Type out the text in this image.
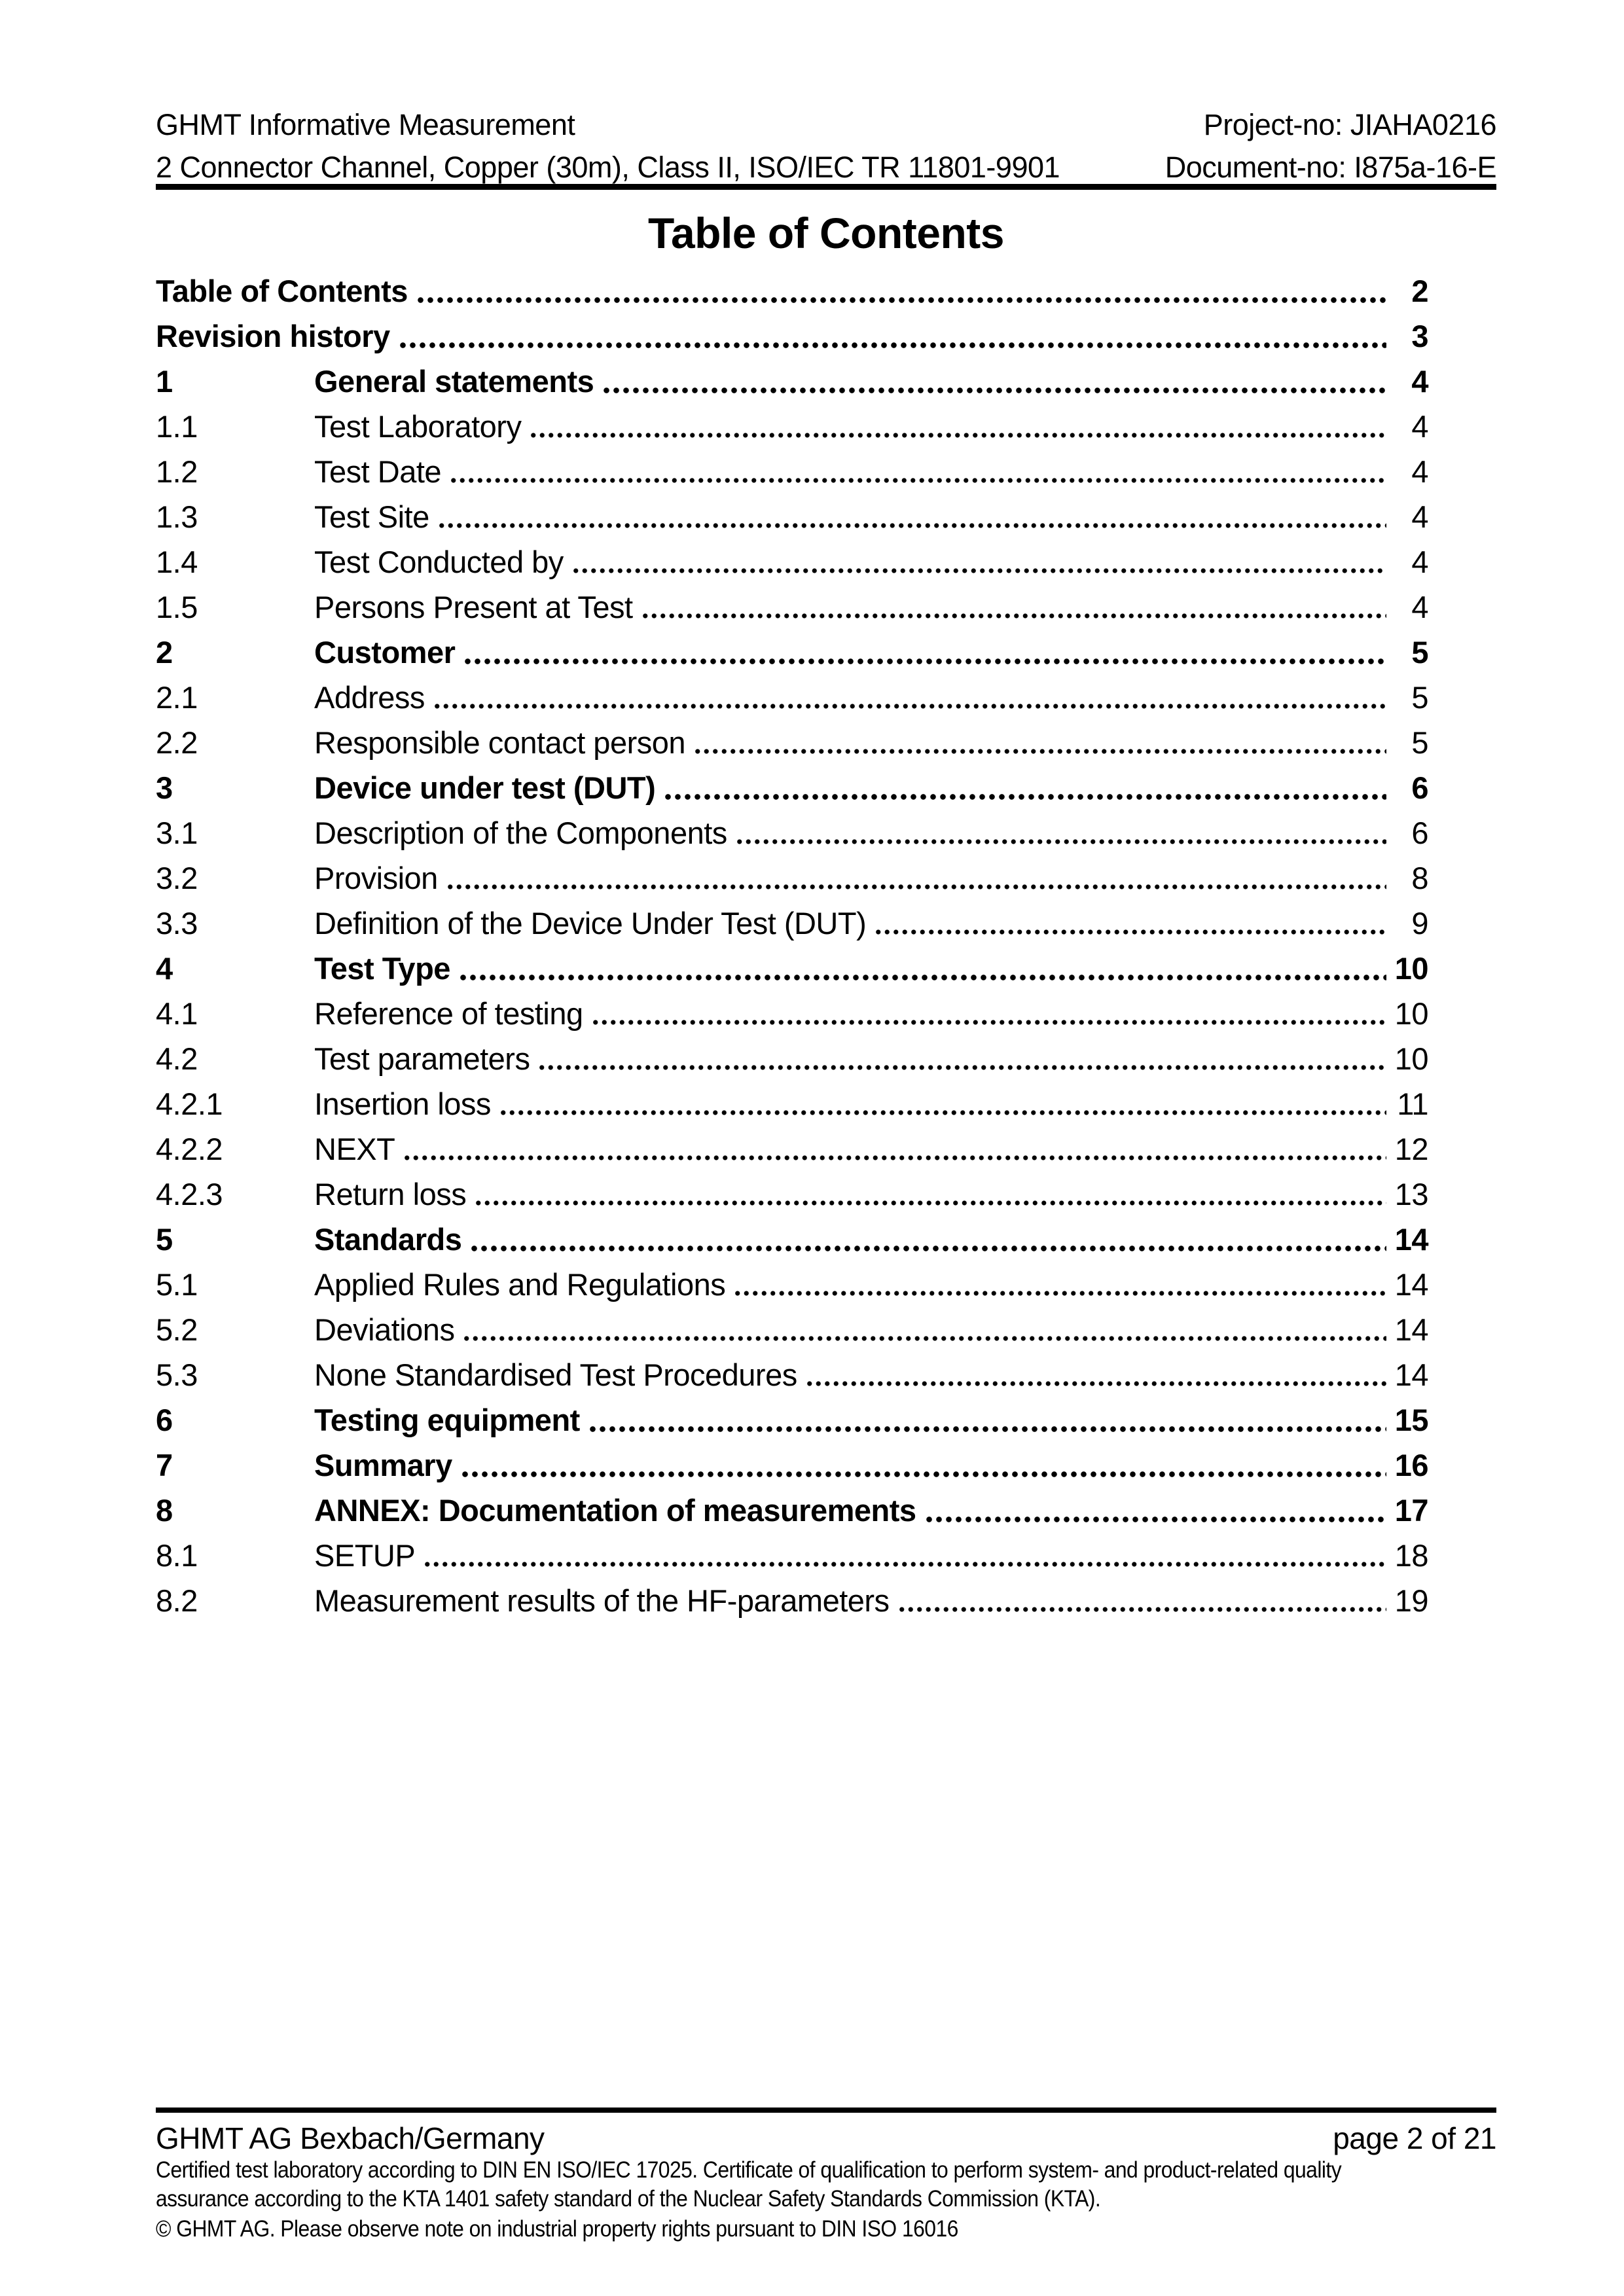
GHMT Informative Measurement
2 Connector Channel, Copper (30m), Class II, ISO/IEC TR 11801-9901
Project-no: JIAHA0216
Document-no: I875a-16-E
Table of Contents
Table of Contents	2
Revision history	3
1	General statements	4
1.1	Test Laboratory	4
1.2	Test Date	4
1.3	Test Site	4
1.4	Test Conducted by	4
1.5	Persons Present at Test	4
2	Customer	5
2.1	Address	5
2.2	Responsible contact person	5
3	Device under test (DUT)	6
3.1	Description of the Components	6
3.2	Provision	8
3.3	Definition of the Device Under Test (DUT)	9
4	Test Type	10
4.1	Reference of testing	10
4.2	Test parameters	10
4.2.1	Insertion loss	11
4.2.2	NEXT	12
4.2.3	Return loss	13
5	Standards	14
5.1	Applied Rules and Regulations	14
5.2	Deviations	14
5.3	None Standardised Test Procedures	14
6	Testing equipment	15
7	Summary	16
8	ANNEX: Documentation of measurements	17
8.1	SETUP	18
8.2	Measurement results of the HF-parameters	19
GHMT AG Bexbach/Germany	page 2 of 21
Certified test laboratory according to DIN EN ISO/IEC 17025. Certificate of qualification to perform system- and product-related quality
assurance according to the KTA 1401 safety standard of the Nuclear Safety Standards Commission (KTA).
© GHMT AG. Please observe note on industrial property rights pursuant to DIN ISO 16016
